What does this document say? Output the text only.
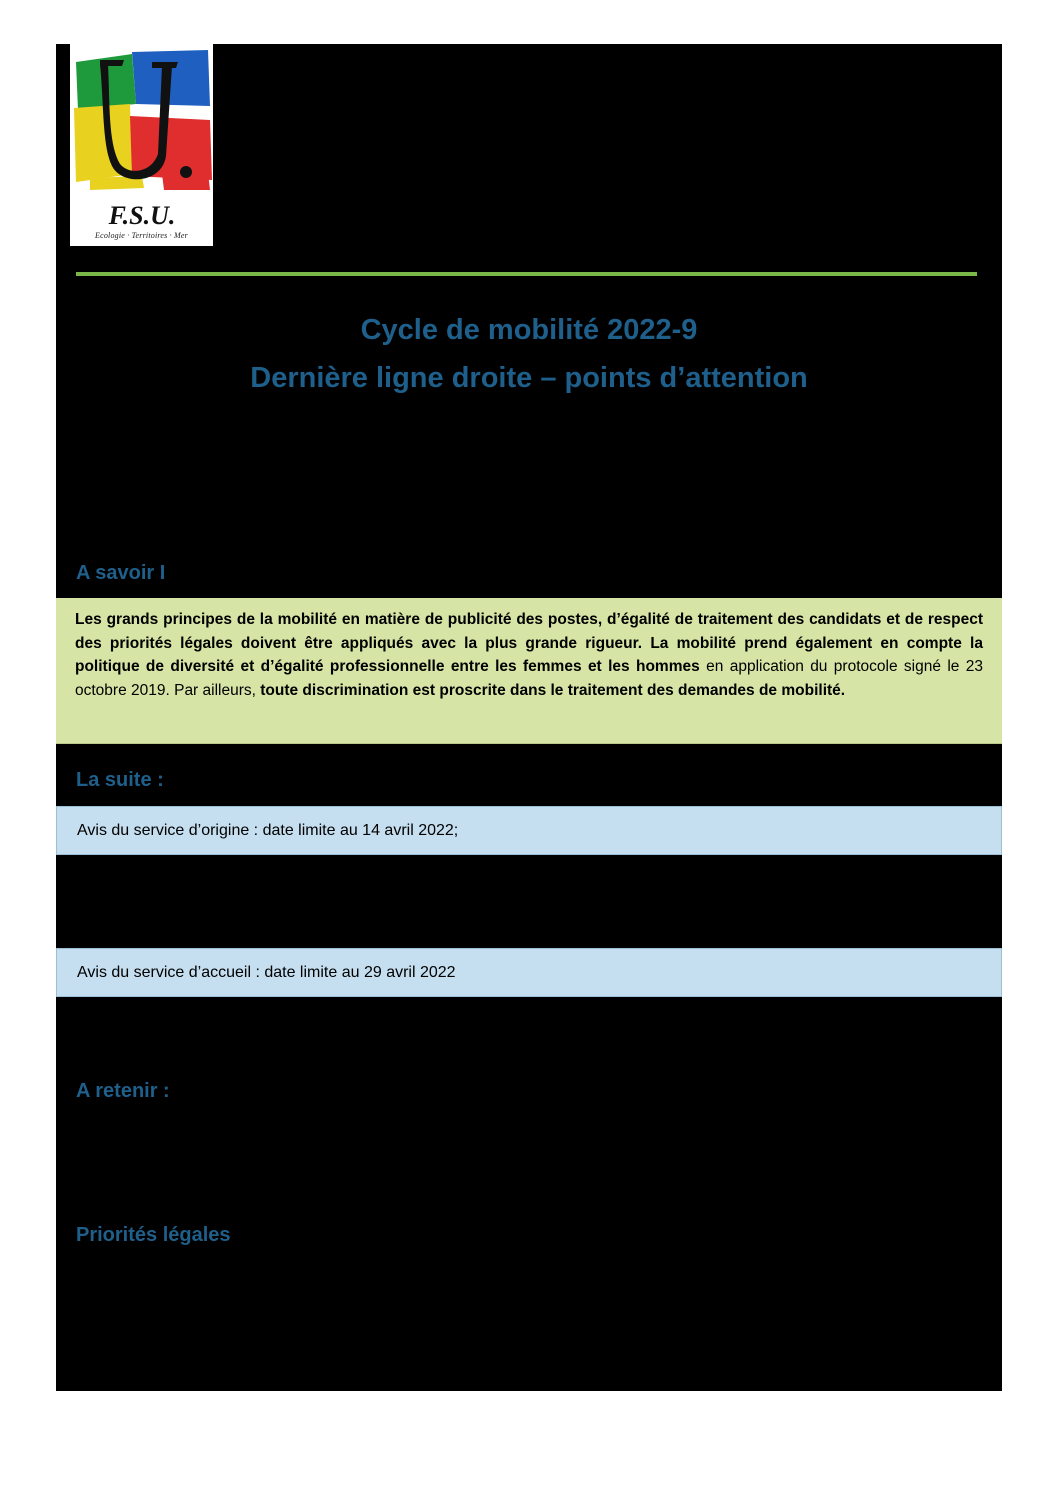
F.S.U.
Ecologie · Territoires · Mer
Cycle de mobilité 2022-9
Dernière ligne droite – points d’attention
A savoir I

Les grands principes de la mobilité en matière de publicité des postes, d’égalité de traitement des candidats et de respect des priorités légales doivent être appliqués avec la plus grande rigueur. La mobilité prend également en compte la politique de diversité et d’égalité professionnelle entre les femmes et les hommes en application du protocole signé le 23 octobre 2019. Par ailleurs, toute discrimination est proscrite dans le traitement des demandes de mobilité.

La suite :
Avis du service d’origine : date limite au 14 avril 2022;
Avis du service d’accueil : date limite au 29 avril 2022
A retenir :
Priorités légales
